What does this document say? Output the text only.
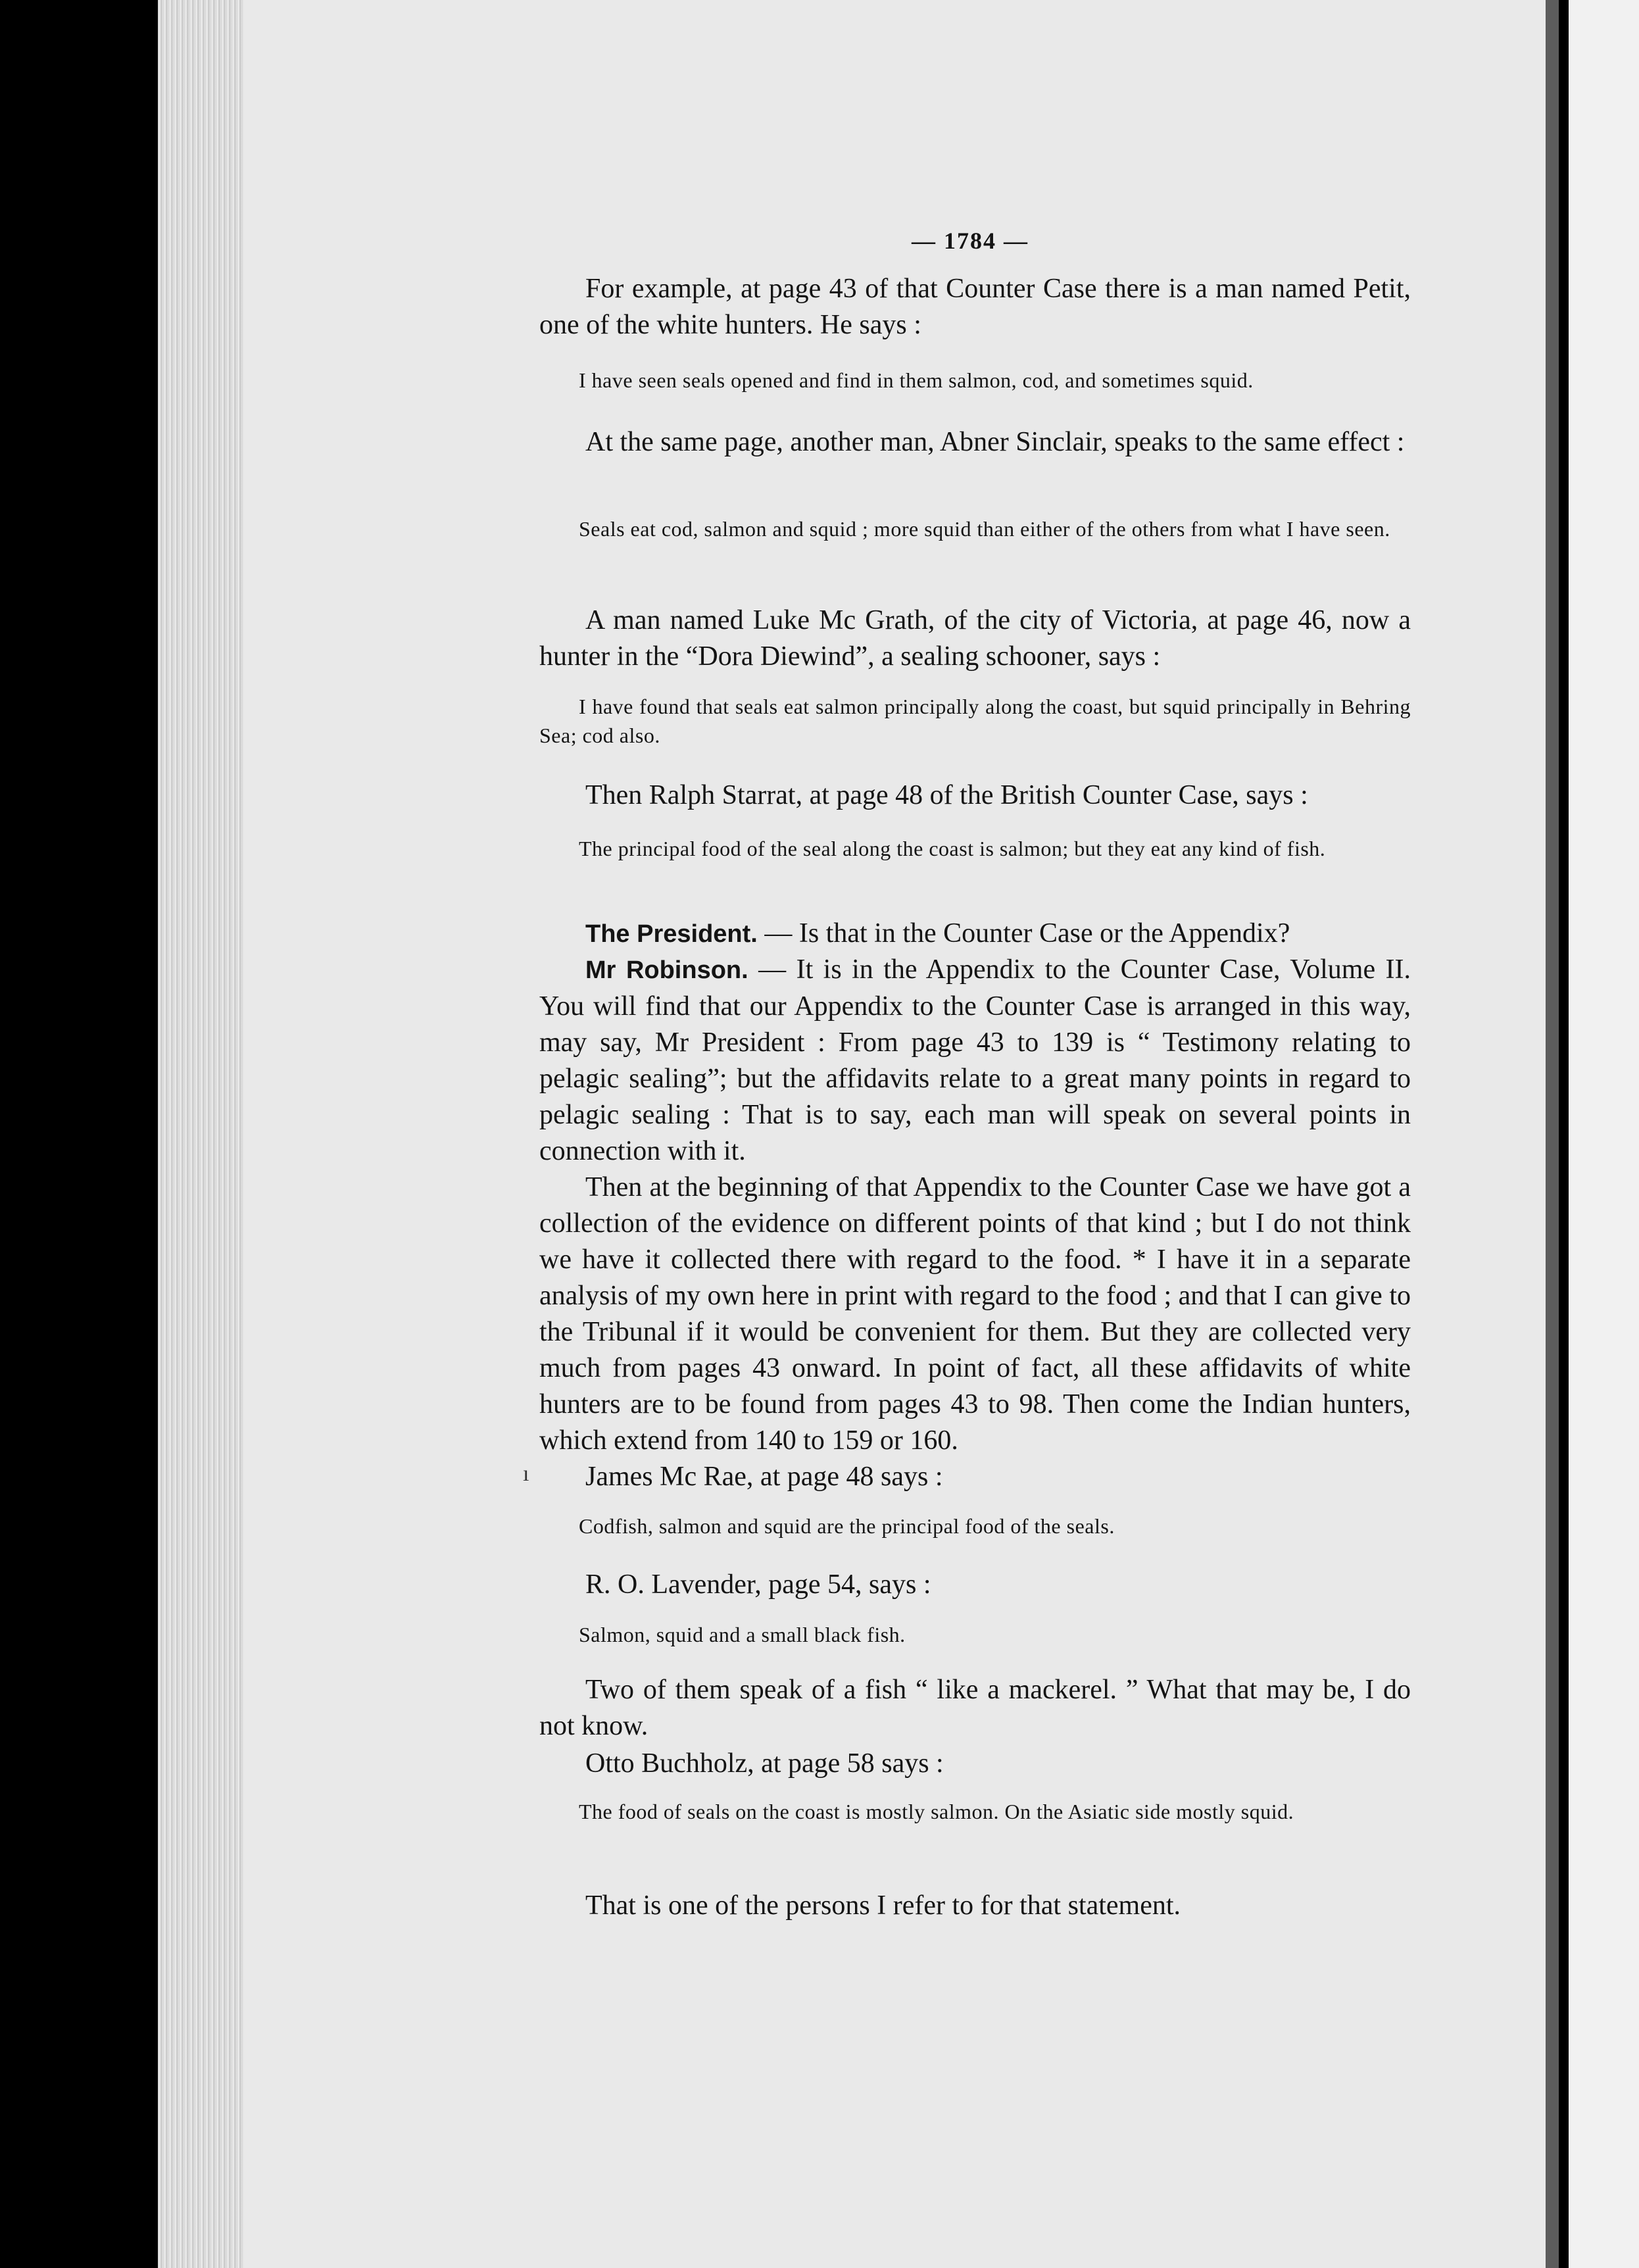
— 1784 —

For example, at page 43 of that Counter Case there is a man named Petit, one of the white hunters. He says :

I have seen seals opened and find in them salmon, cod, and sometimes squid.

At the same page, another man, Abner Sinclair, speaks to the same effect :

Seals eat cod, salmon and squid ; more squid than either of the others from what I have seen.

A man named Luke Mc Grath, of the city of Victoria, at page 46, now a hunter in the “Dora Diewind”, a sealing schooner, says :

I have found that seals eat salmon principally along the coast, but squid principally in Behring Sea; cod also.

Then Ralph Starrat, at page 48 of the British Counter Case, says :

The principal food of the seal along the coast is salmon; but they eat any kind of fish.

The President. — Is that in the Counter Case or the Appendix?

Mr Robinson. — It is in the Appendix to the Counter Case, Volume II. You will find that our Appendix to the Counter Case is arranged in this way, may say, Mr President : From page 43 to 139 is “ Testimony relating to pelagic sealing”; but the affidavits relate to a great many points in regard to pelagic sealing : That is to say, each man will speak on several points in connection with it.

Then at the beginning of that Appendix to the Counter Case we have got a collection of the evidence on different points of that kind ; but I do not think we have it collected there with regard to the food. * I have it in a separate analysis of my own here in print with regard to the food ; and that I can give to the Tribunal if it would be convenient for them. But they are collected very much from pages 43 onward. In point of fact, all these affidavits of white hunters are to be found from pages 43 to 98. Then come the Indian hunters, which extend from 140 to 159 or 160.

James Mc Rae, at page 48 says :

Codfish, salmon and squid are the principal food of the seals.

R. O. Lavender, page 54, says :

Salmon, squid and a small black fish.

Two of them speak of a fish “ like a mackerel. ” What that may be, I do not know.

Otto Buchholz, at page 58 says :

The food of seals on the coast is mostly salmon. On the Asiatic side mostly squid.

That is one of the persons I refer to for that statement.

ı
